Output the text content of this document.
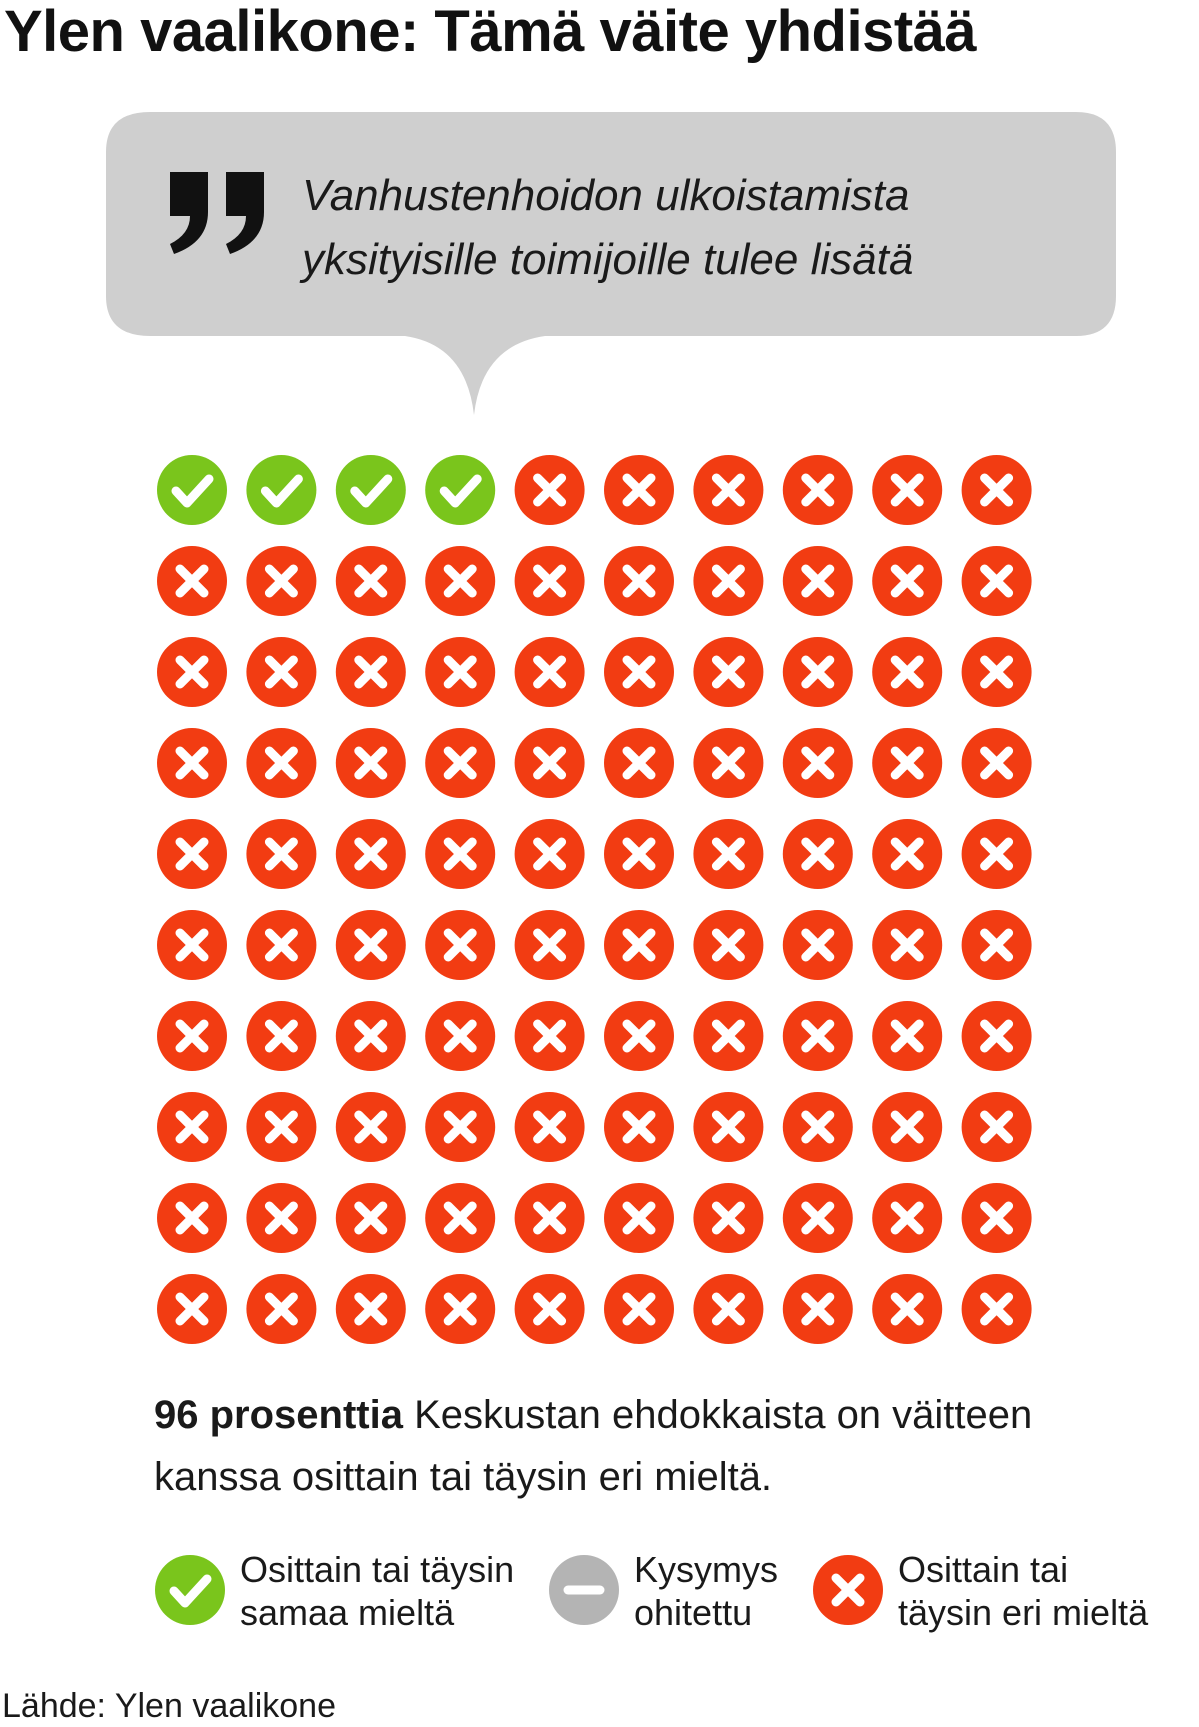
Ylen vaalikone: Tämä väite yhdistää

Vanhustenhoidon ulkoistamista
yksityisille toimijoille tulee lisätä

96 prosenttia Keskustan ehdokkaista on väitteen kanssa osittain tai täysin eri mieltä.

Osittain tai täysin
samaa mieltä
Kysymys
ohitettu
Osittain tai
täysin eri mieltä

Lähde: Ylen vaalikone
